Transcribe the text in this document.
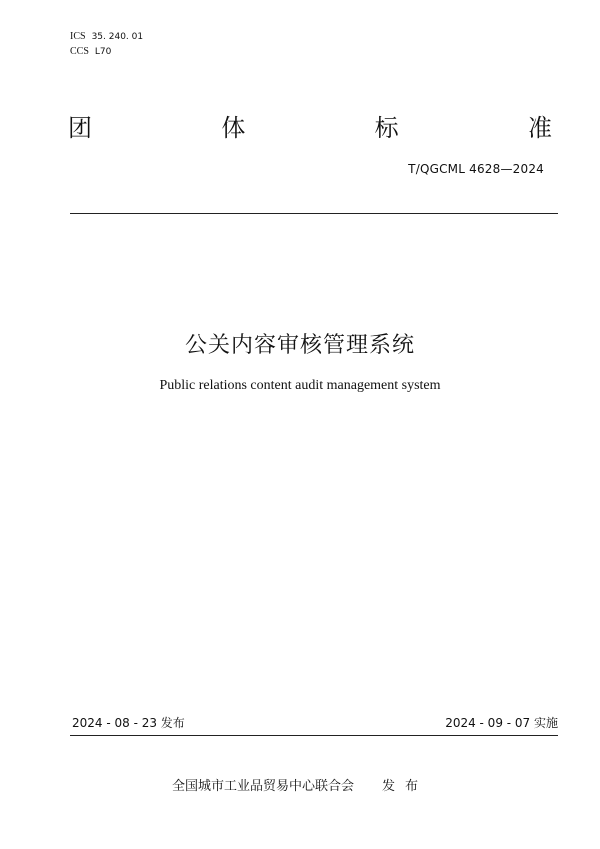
ICS 35. 240. 01
CCS L70
团	体	标	准
T/QGCML 4628—2024
公关内容审核管理系统
Public relations content audit management system
2024 - 08 - 23 发布	2024 - 09 - 07 实施
全国城市工业品贸易中心联合会 发布
